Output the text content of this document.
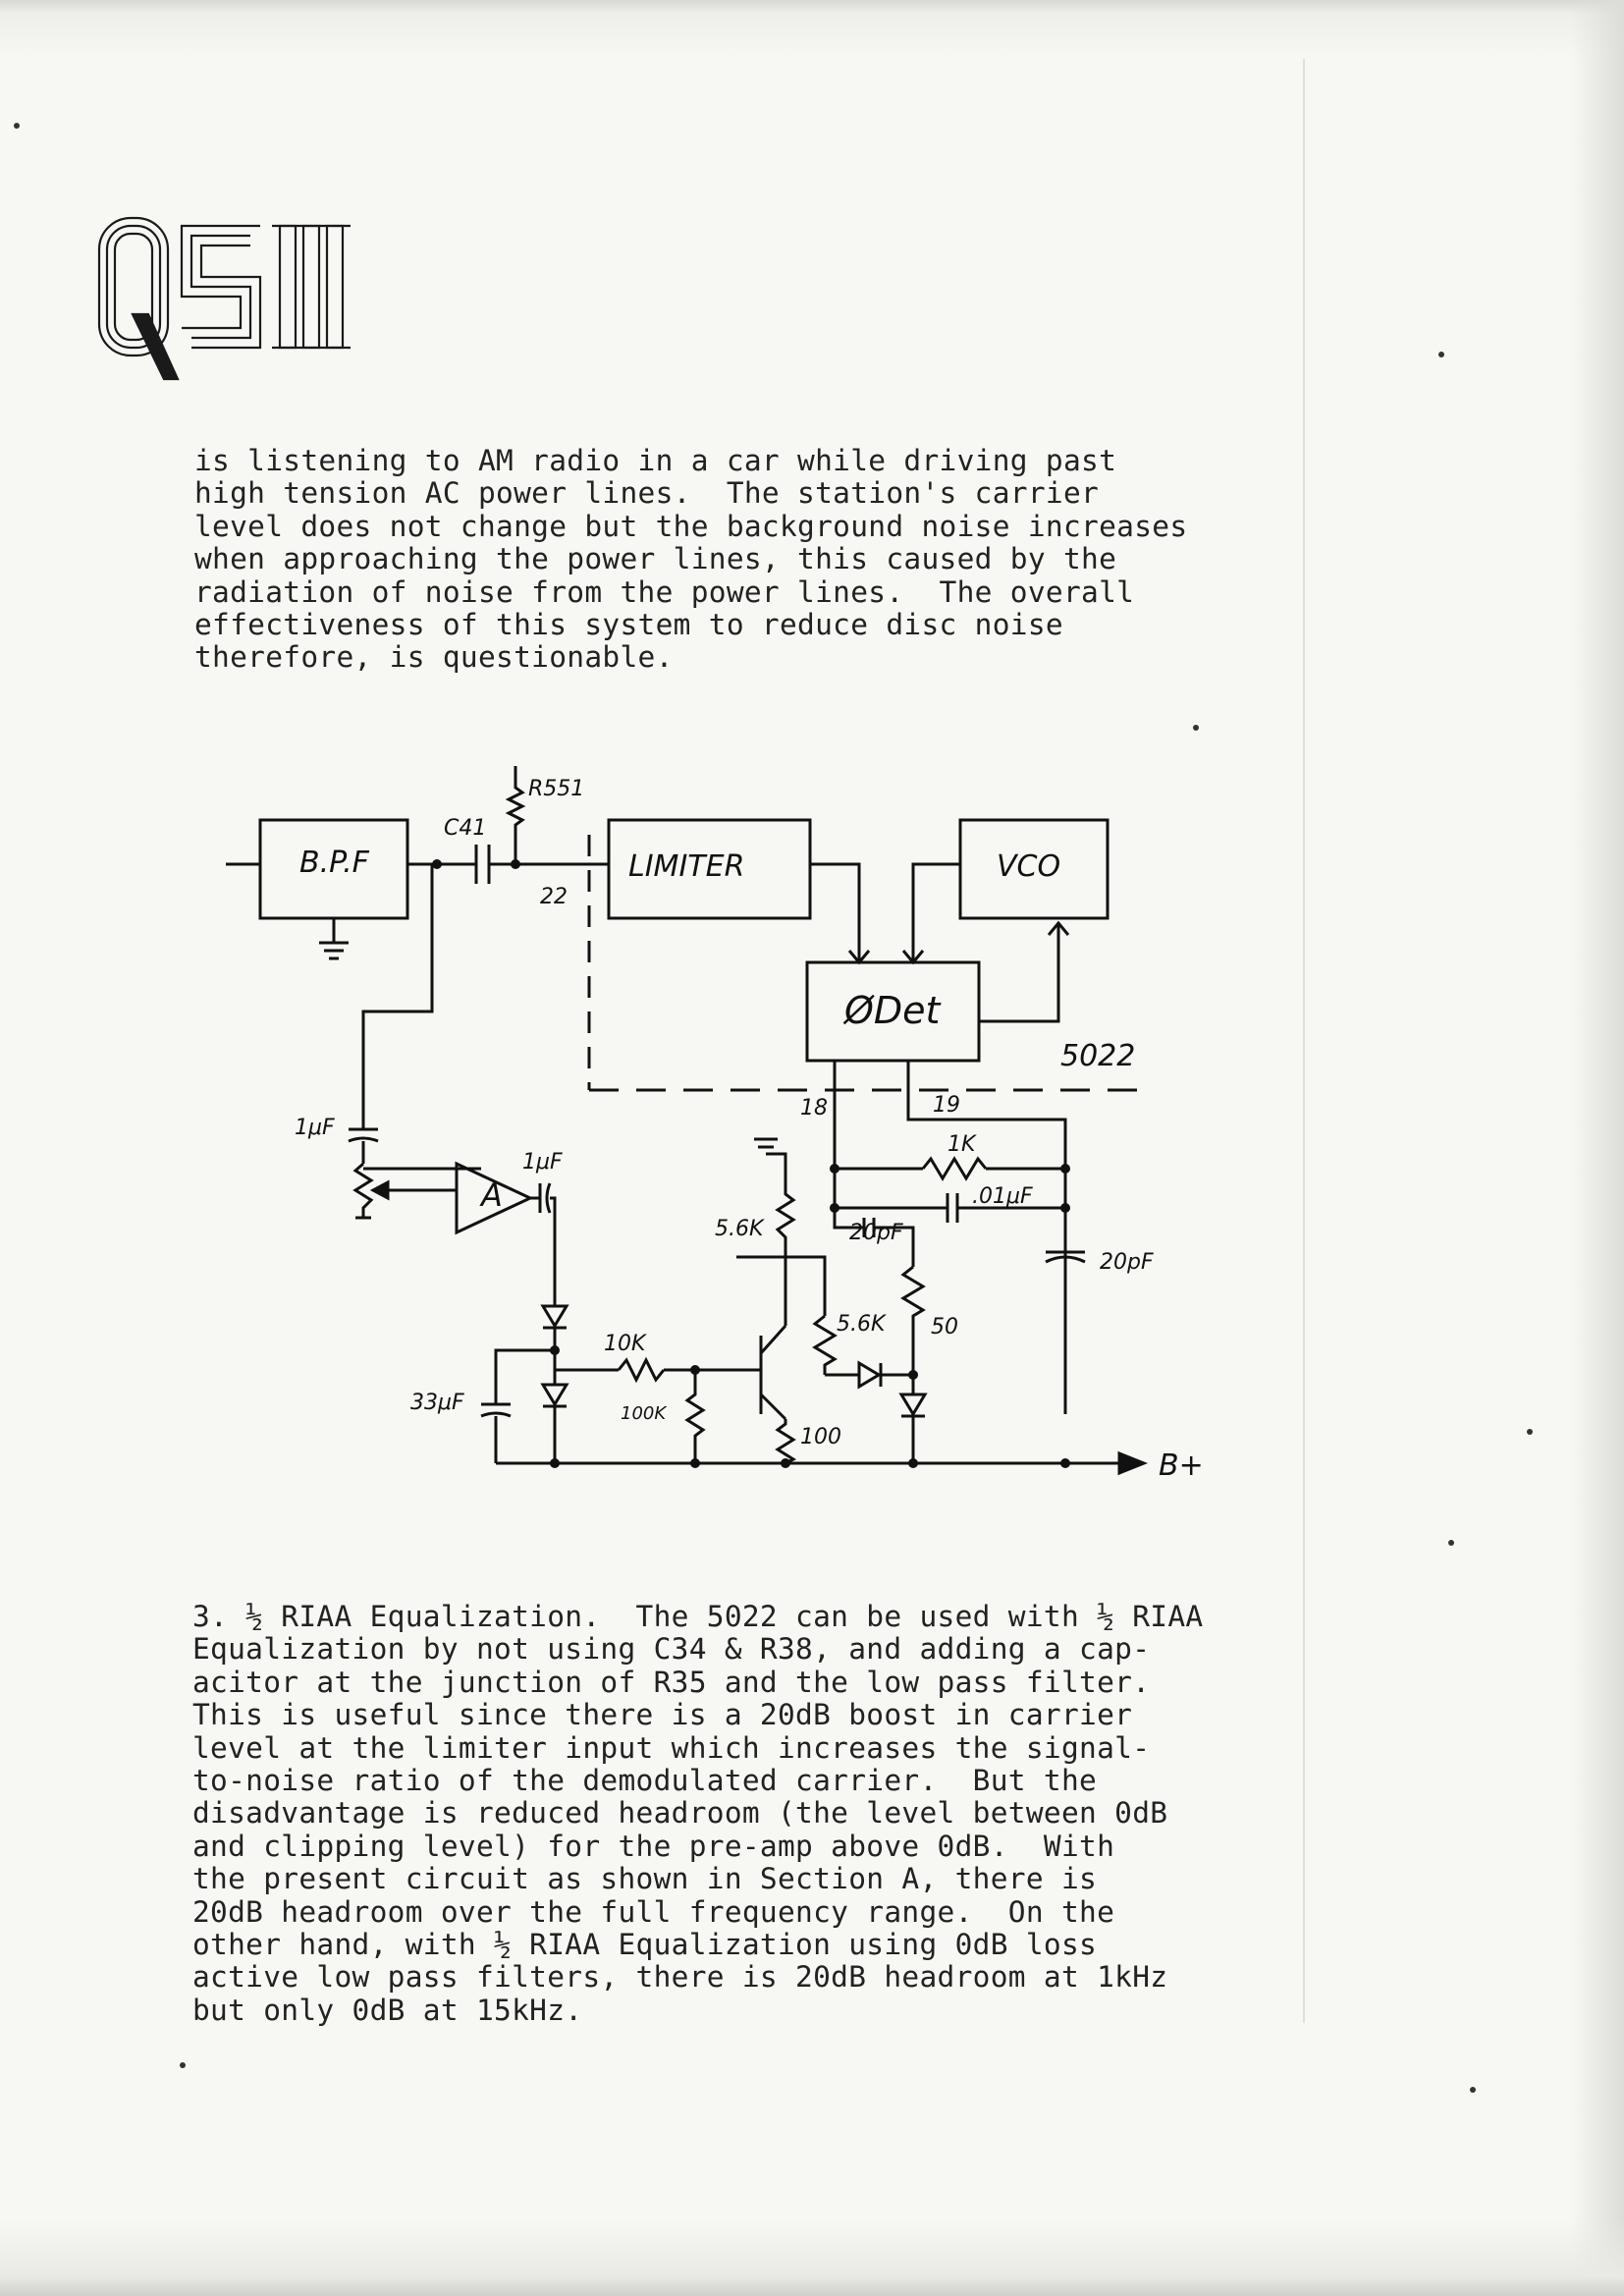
is listening to AM radio in a car while driving past
high tension AC power lines.  The station's carrier
level does not change but the background noise increases
when approaching the power lines, this caused by the
radiation of noise from the power lines.  The overall
effectiveness of this system to reduce disc noise
therefore, is questionable.
B.P.F	LIMITER	VCO
ØDet
A
R551
C41
22
5022
18	19
1K
.01μF
20pF
20pF
5.6K
5.6K 50
10K
100K
100
33μF
1μF
1μF
B+
3. ½ RIAA Equalization.  The 5022 can be used with ½ RIAA
Equalization by not using C34 & R38, and adding a cap-
acitor at the junction of R35 and the low pass filter.
This is useful since there is a 20dB boost in carrier
level at the limiter input which increases the signal-
to-noise ratio of the demodulated carrier.  But the
disadvantage is reduced headroom (the level between 0dB
and clipping level) for the pre-amp above 0dB.  With
the present circuit as shown in Section A, there is
20dB headroom over the full frequency range.  On the
other hand, with ½ RIAA Equalization using 0dB loss
active low pass filters, there is 20dB headroom at 1kHz
but only 0dB at 15kHz.
